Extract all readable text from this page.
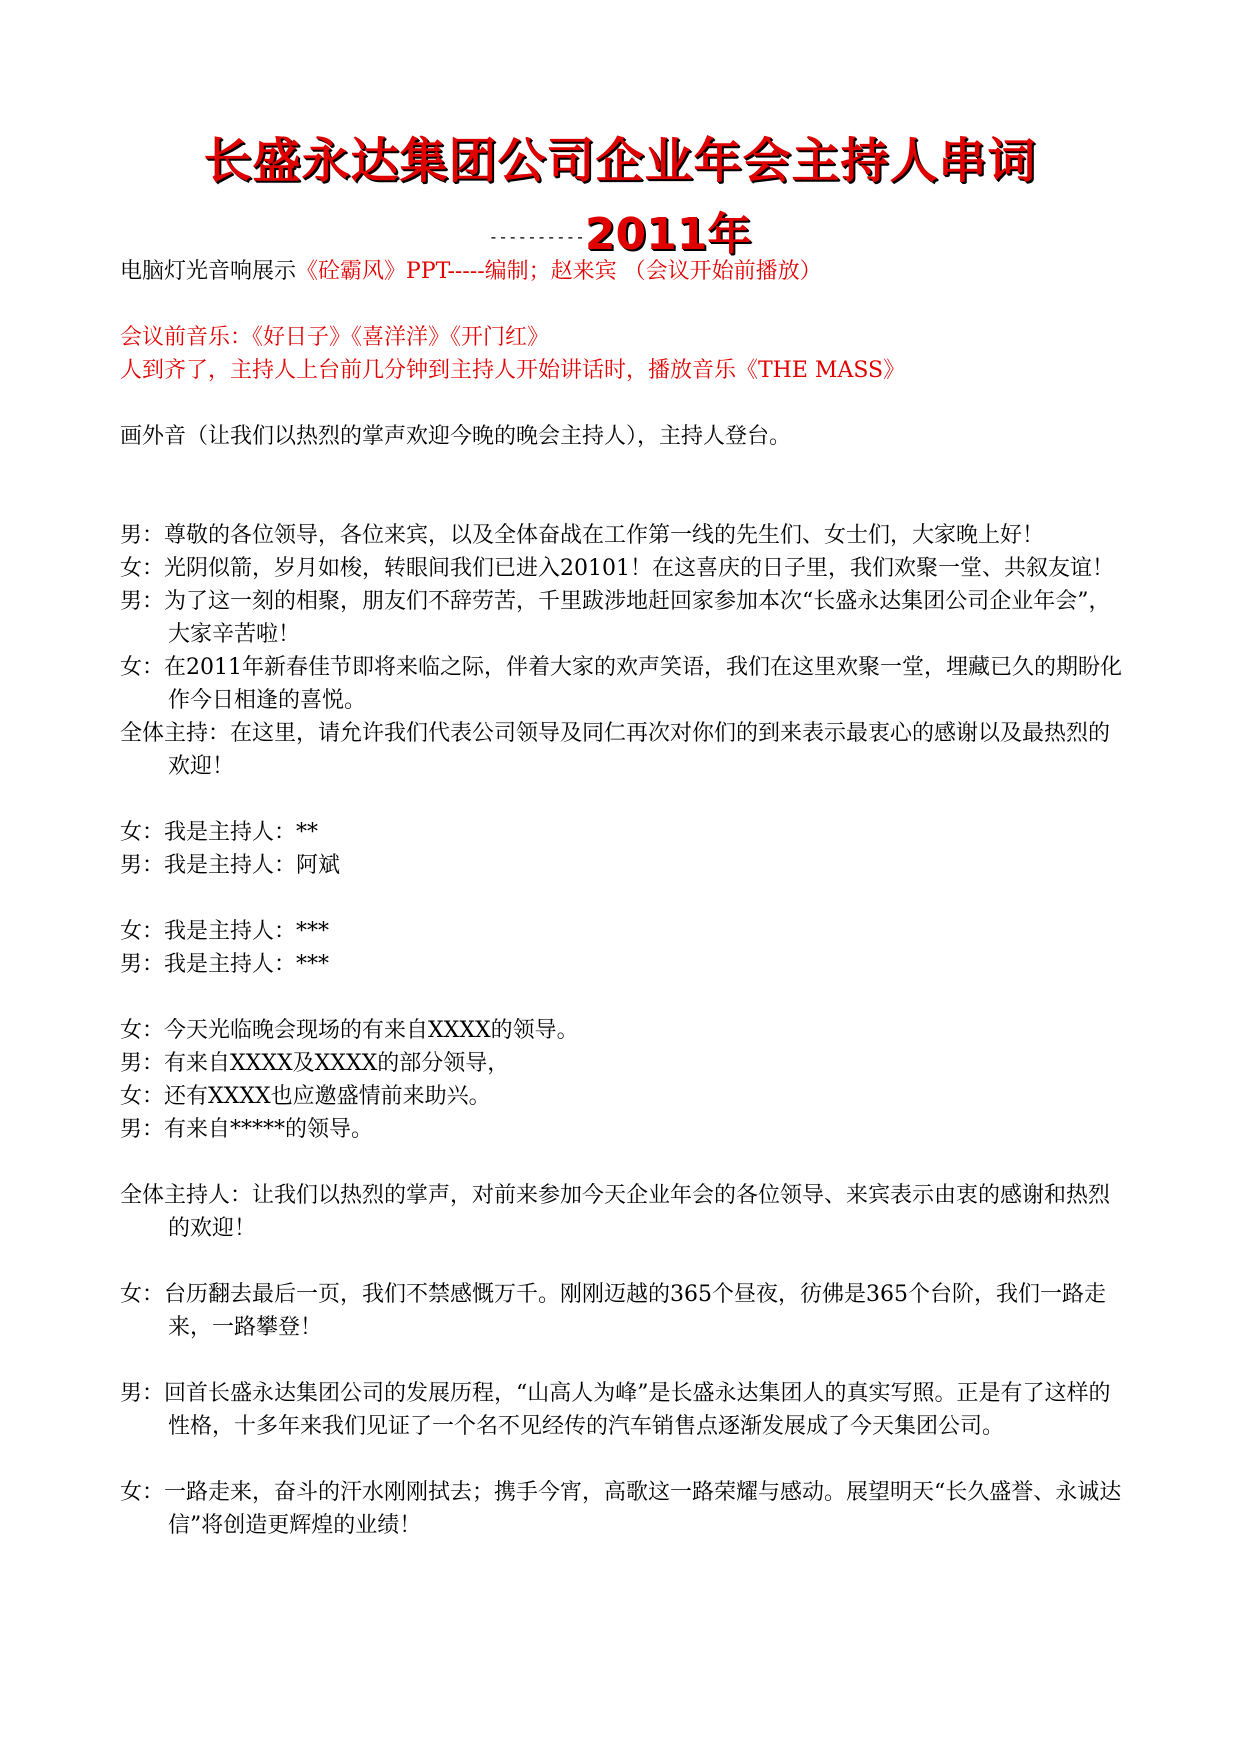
长盛永达集团公司企业年会主持人串词
----------2011年

电脑灯光音响展示《砼霸风》PPT-----编制；赵来宾 （会议开始前播放）

会议前音乐：《好日子》《喜洋洋》《开门红》

人到齐了，主持人上台前几分钟到主持人开始讲话时，播放音乐《THE MASS》

画外音（让我们以热烈的掌声欢迎今晚的晚会主持人），主持人登台。

男：尊敬的各位领导，各位来宾，以及全体奋战在工作第一线的先生们、女士们，大家晚上好！

女：光阴似箭，岁月如梭，转眼间我们已进入20101！在这喜庆的日子里，我们欢聚一堂、共叙友谊！

男：为了这一刻的相聚，朋友们不辞劳苦，千里跋涉地赶回家参加本次“长盛永达集团公司企业年会”，大家辛苦啦！

女：在2011年新春佳节即将来临之际，伴着大家的欢声笑语，我们在这里欢聚一堂，埋藏已久的期盼化作今日相逢的喜悦。

全体主持：在这里，请允许我们代表公司领导及同仁再次对你们的到来表示最衷心的感谢以及最热烈的欢迎！

女：我是主持人：**

男：我是主持人：阿斌

女：我是主持人：***

男：我是主持人：***

女：今天光临晚会现场的有来自XXXX的领导。

男：有来自XXXX及XXXX的部分领导，

女：还有XXXX也应邀盛情前来助兴。

男：有来自*****的领导。

全体主持人：让我们以热烈的掌声，对前来参加今天企业年会的各位领导、来宾表示由衷的感谢和热烈的欢迎！

女：台历翻去最后一页，我们不禁感慨万千。刚刚迈越的365个昼夜，彷佛是365个台阶，我们一路走来，一路攀登！

男：回首长盛永达集团公司的发展历程，“山高人为峰”是长盛永达集团人的真实写照。正是有了这样的性格，十多年来我们见证了一个名不见经传的汽车销售点逐渐发展成了今天集团公司。

女：一路走来，奋斗的汗水刚刚拭去；携手今宵，高歌这一路荣耀与感动。展望明天“长久盛誉、永诚达信”将创造更辉煌的业绩！
